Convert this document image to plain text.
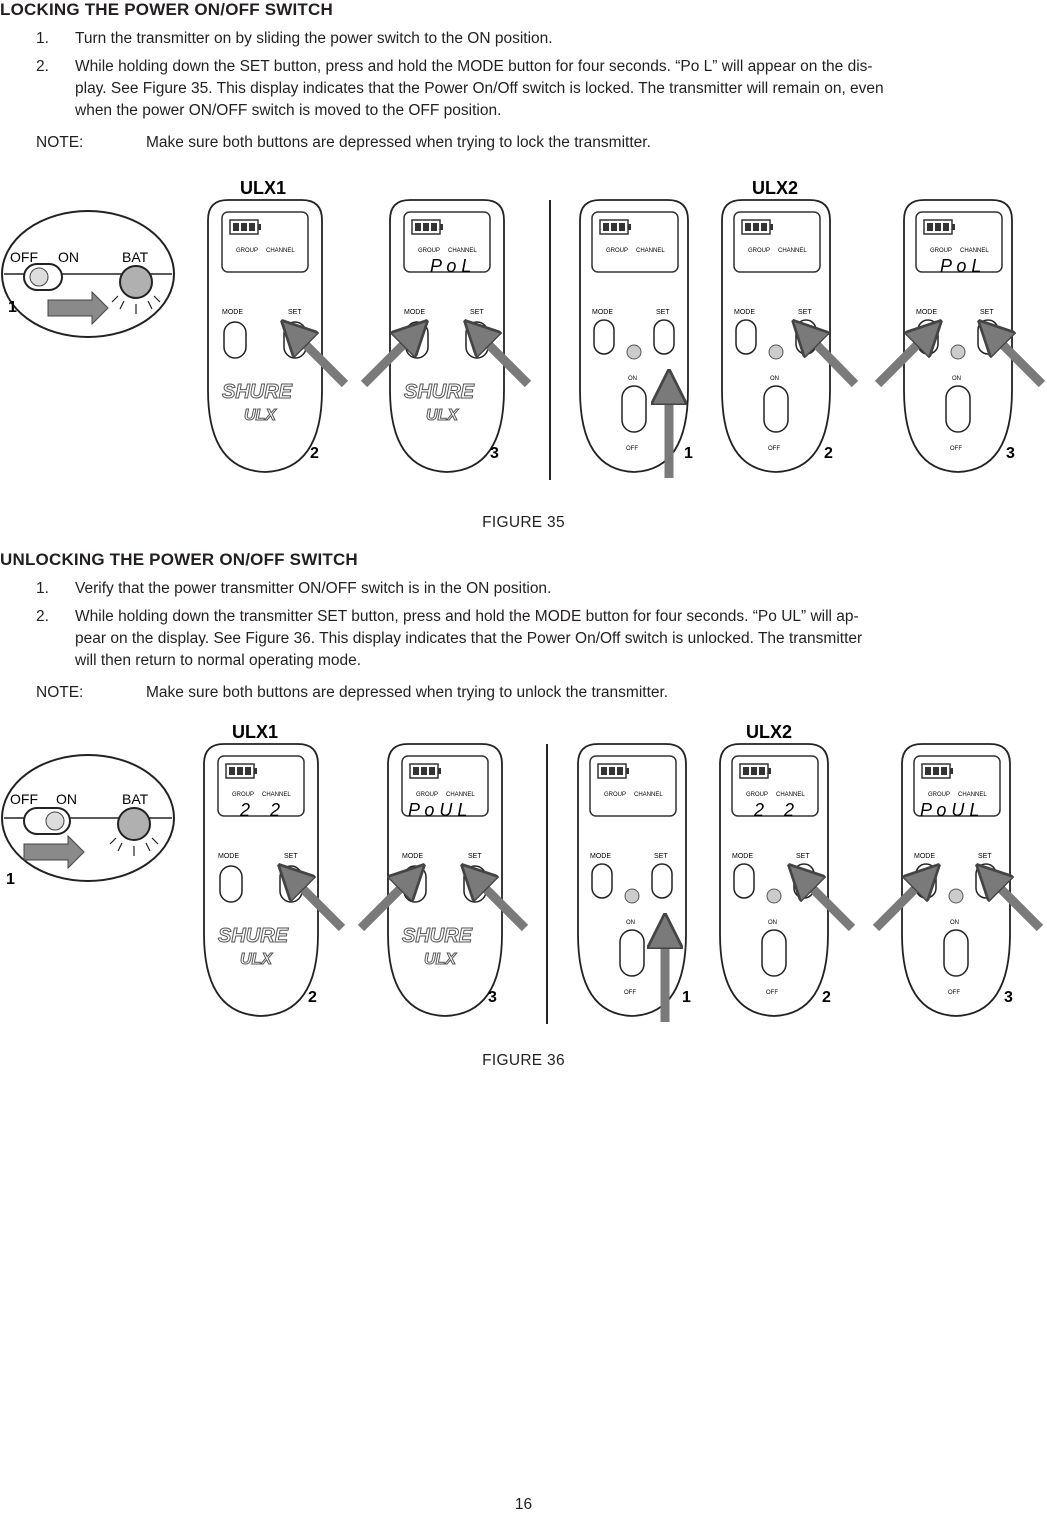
LOCKING THE POWER ON/OFF SWITCH
1.	Turn the transmitter on by sliding the power switch to the ON position.
2.	While holding down the SET button, press and hold the MODE button for four seconds. “Po L” will appear on the dis-
play. See Figure 35. This display indicates that the Power On/Off switch is locked. The transmitter will remain on, even
when the power ON/OFF switch is moved to the OFF position.
NOTE:	Make sure both buttons are depressed when trying to lock the transmitter.
OFF ON	BAT
1
ULX1	ULX2
GROUP CHANNEL
MODE	SET
SHURE
ULX
2
GROUP CHANNEL
P o L
MODE	SET
SHURE
ULX
3
GROUP CHANNEL
MODE	SET
ON
OFF	1
GROUP CHANNEL
MODE	SET
ON
OFF	2
GROUP CHANNEL
P o L
MODE	SET
ON
OFF	3
FIGURE 35
UNLOCKING THE POWER ON/OFF SWITCH
1.	Verify that the power transmitter ON/OFF switch is in the ON position.
2.	While holding down the transmitter SET button, press and hold the MODE button for four seconds. “Po UL” will ap-
pear on the display. See Figure 36. This display indicates that the Power On/Off switch is unlocked. The transmitter
will then return to normal operating mode.
NOTE:	Make sure both buttons are depressed when trying to unlock the transmitter.
OFF ON	BAT
1
ULX1	ULX2
GROUP CHANNEL
2    2
MODE	SET
SHURE
ULX
2
GROUP CHANNEL
P o U L
MODE	SET
SHURE
ULX
3
GROUP CHANNEL
MODE	SET
ON
OFF	1
GROUP CHANNEL
2    2
MODE	SET
ON
OFF	2
GROUP CHANNEL
P o U L
MODE	SET
ON
OFF	3
FIGURE 36
16
